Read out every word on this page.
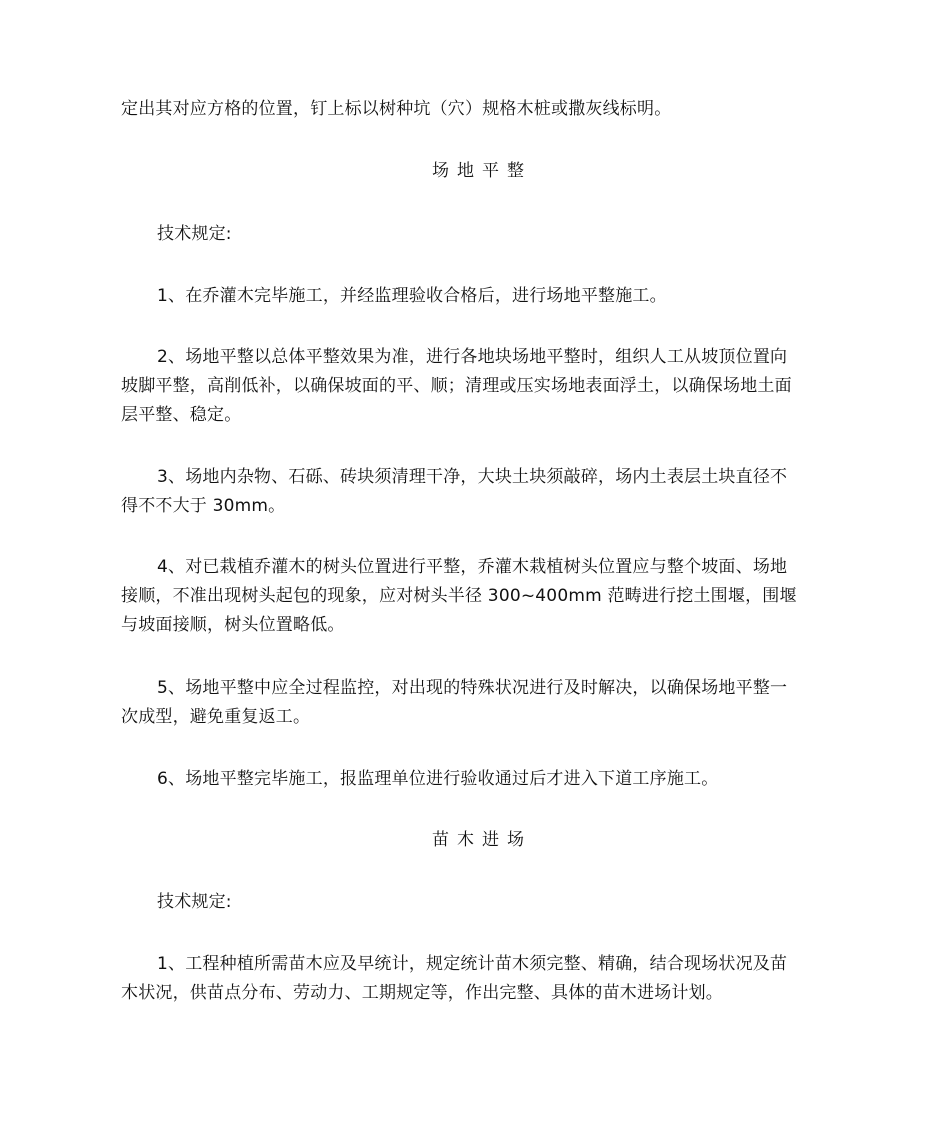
定出其对应方格的位置，钉上标以树种坑（穴）规格木桩或撒灰线标明。
场地平整
技术规定:
1、在乔灌木完毕施工，并经监理验收合格后，进行场地平整施工。
2、场地平整以总体平整效果为准，进行各地块场地平整时，组织人工从坡顶位置向
坡脚平整，高削低补，以确保坡面的平、顺；清理或压实场地表面浮土，以确保场地土面
层平整、稳定。
3、场地内杂物、石砾、砖块须清理干净，大块土块须敲碎，场内土表层土块直径不
得不不大于 30mm。
4、对已栽植乔灌木的树头位置进行平整，乔灌木栽植树头位置应与整个坡面、场地
接顺，不准出现树头起包的现象，应对树头半径 300~400mm 范畴进行挖土围堰，围堰
与坡面接顺，树头位置略低。
5、场地平整中应全过程监控，对出现的特殊状况进行及时解决，以确保场地平整一
次成型，避免重复返工。
6、场地平整完毕施工，报监理单位进行验收通过后才进入下道工序施工。
苗木进场
技术规定:
1、工程种植所需苗木应及早统计，规定统计苗木须完整、精确，结合现场状况及苗
木状况，供苗点分布、劳动力、工期规定等，作出完整、具体的苗木进场计划。
